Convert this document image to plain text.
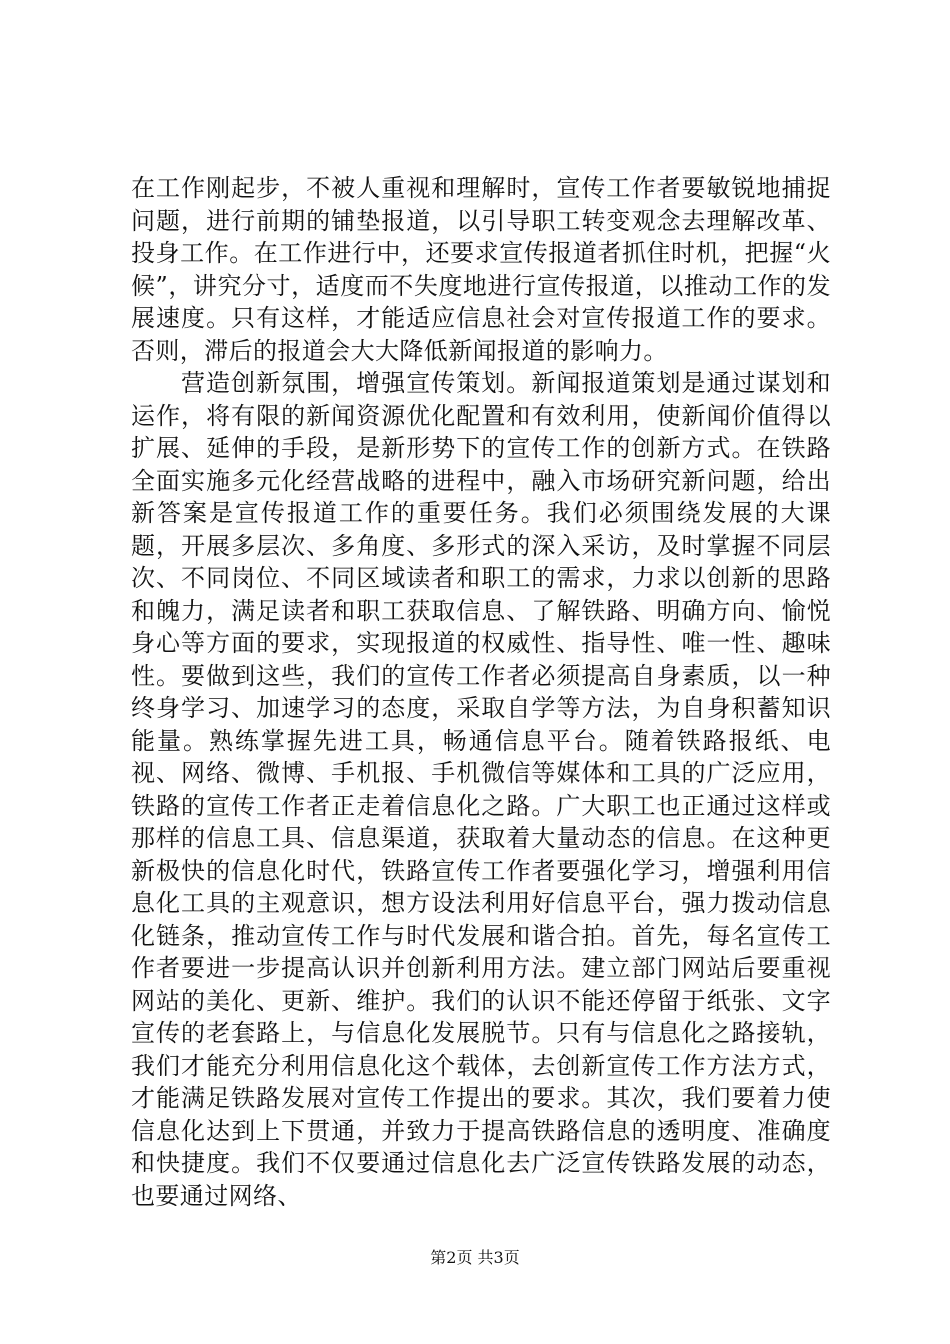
在工作刚起步，不被人重视和理解时，宣传工作者要敏锐地捕捉问题，进行前期的铺垫报道，以引导职工转变观念去理解改革、投身工作。在工作进行中，还要求宣传报道者抓住时机，把握“火候”，讲究分寸，适度而不失度地进行宣传报道，以推动工作的发展速度。只有这样，才能适应信息社会对宣传报道工作的要求。否则，滞后的报道会大大降低新闻报道的影响力。

营造创新氛围，增强宣传策划。新闻报道策划是通过谋划和运作，将有限的新闻资源优化配置和有效利用，使新闻价值得以扩展、延伸的手段，是新形势下的宣传工作的创新方式。在铁路全面实施多元化经营战略的进程中，融入市场研究新问题，给出新答案是宣传报道工作的重要任务。我们必须围绕发展的大课题，开展多层次、多角度、多形式的深入采访，及时掌握不同层次、不同岗位、不同区域读者和职工的需求，力求以创新的思路和魄力，满足读者和职工获取信息、了解铁路、明确方向、愉悦身心等方面的要求，实现报道的权威性、指导性、唯一性、趣味性。要做到这些，我们的宣传工作者必须提高自身素质，以一种终身学习、加速学习的态度，采取自学等方法，为自身积蓄知识能量。熟练掌握先进工具，畅通信息平台。随着铁路报纸、电视、网络、微博、手机报、手机微信等媒体和工具的广泛应用，铁路的宣传工作者正走着信息化之路。广大职工也正通过这样或那样的信息工具、信息渠道，获取着大量动态的信息。在这种更新极快的信息化时代，铁路宣传工作者要强化学习，增强利用信息化工具的主观意识，想方设法利用好信息平台，强力拨动信息化链条，推动宣传工作与时代发展和谐合拍。首先，每名宣传工作者要进一步提高认识并创新利用方法。建立部门网站后要重视网站的美化、更新、维护。我们的认识不能还停留于纸张、文字宣传的老套路上，与信息化发展脱节。只有与信息化之路接轨，我们才能充分利用信息化这个载体，去创新宣传工作方法方式，才能满足铁路发展对宣传工作提出的要求。其次，我们要着力使信息化达到上下贯通，并致力于提高铁路信息的透明度、准确度和快捷度。我们不仅要通过信息化去广泛宣传铁路发展的动态，也要通过网络、

第2页 共3页
